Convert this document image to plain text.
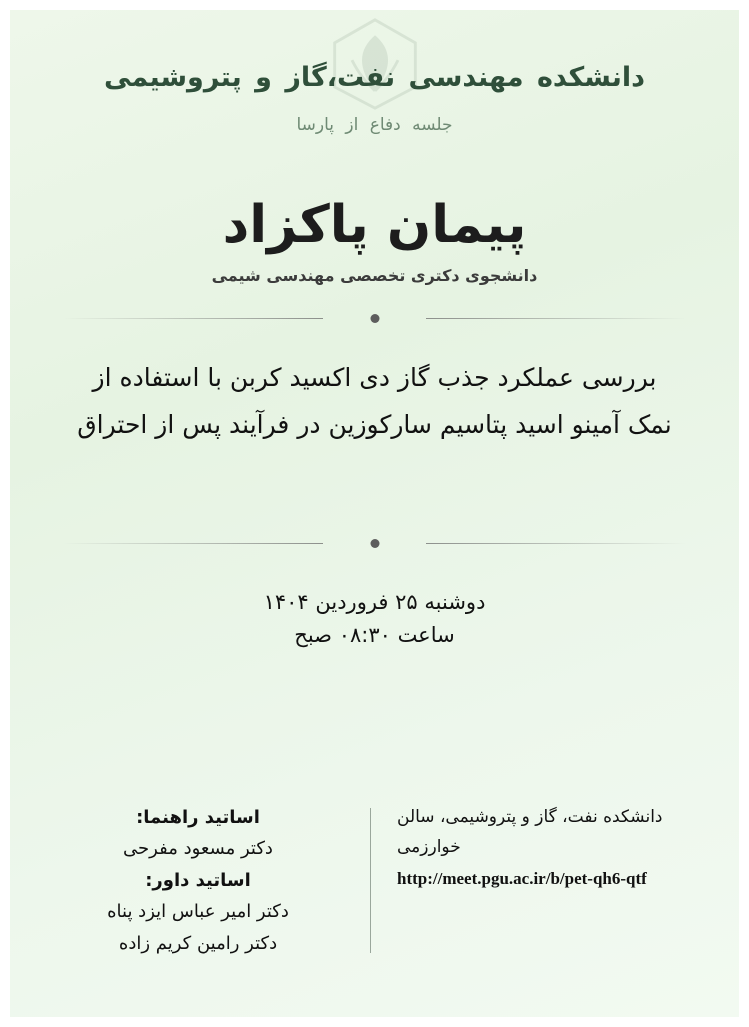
دانشکده مهندسی نفت،گاز و پتروشیمی
جلسه دفاع از پارسا
پیمان پاکزاد
دانشجوی دکتری تخصصی مهندسی شیمی
بررسی عملکرد جذب گاز دی اکسید کربن با استفاده از نمک آمینو اسید پتاسیم سارکوزین در فرآیند پس از احتراق
دوشنبه ۲۵ فروردین ۱۴۰۴
ساعت ۰۸:۳۰ صبح
دانشکده نفت، گاز و پتروشیمی، سالن خوارزمی
http://meet.pgu.ac.ir/b/pet-qh6-qtf
اساتید راهنما:
دکتر مسعود مفرحی
اساتید داور:
دکتر امیر عباس ایزد پناه
دکتر رامین کریم زاده
